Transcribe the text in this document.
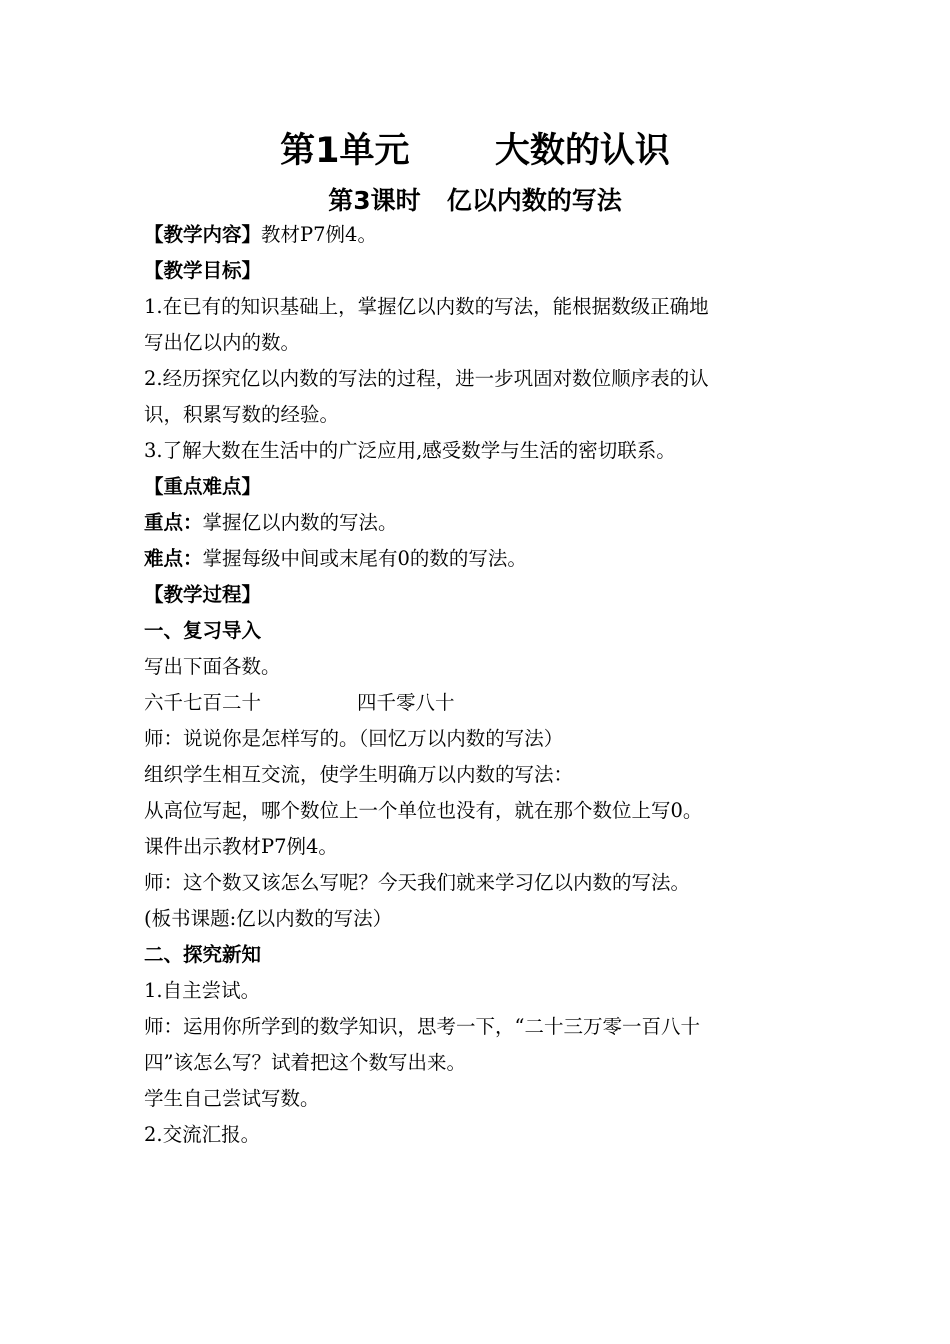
第1单元 大数的认识
第3课时 亿以内数的写法
【教学内容】教材P7例4。
【教学目标】
1.在已有的知识基础上，掌握亿以内数的写法，能根据数级正确地
写出亿以内的数。
2.经历探究亿以内数的写法的过程，进一步巩固对数位顺序表的认
识，积累写数的经验。
3.了解大数在生活中的广泛应用,感受数学与生活的密切联系。
【重点难点】
重点：掌握亿以内数的写法。
难点：掌握每级中间或末尾有0的数的写法。
【教学过程】
一、复习导入
写出下面各数。
六千七百二十	四千零八十
师：说说你是怎样写的。（回忆万以内数的写法）
组织学生相互交流，使学生明确万以内数的写法：
从高位写起，哪个数位上一个单位也没有，就在那个数位上写0。
课件出示教材P7例4。
师：这个数又该怎么写呢？今天我们就来学习亿以内数的写法。
(板书课题:亿以内数的写法）
二、探究新知
1.自主尝试。
师：运用你所学到的数学知识，思考一下，“二十三万零一百八十
四”该怎么写？试着把这个数写出来。
学生自己尝试写数。
2.交流汇报。
